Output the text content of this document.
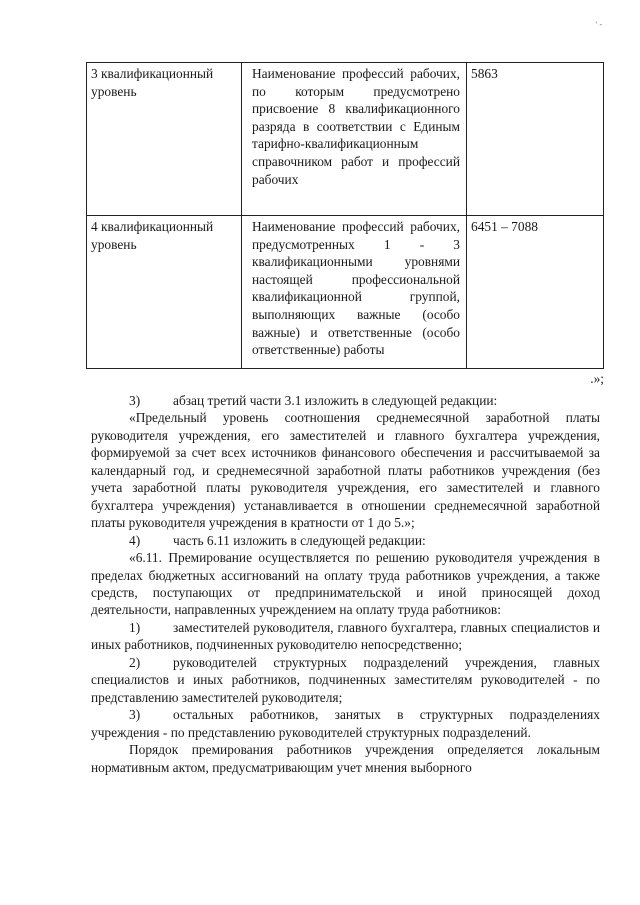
' -
3 квалификационный уровень	Наименование профессий рабочих, по которым предусмотрено присвоение 8 квалификационного разряда в соответствии с Единым тарифно-квалификационным справочником работ и профессий рабочих	5863
4 квалификационный уровень	Наименование профессий рабочих, предусмотренных 1 - 3 квалификационными уровнями настоящей профессиональной квалификационной группой, выполняющих важные (особо важные) и ответственные (особо ответственные) работы	6451 – 7088
.»;

3) абзац третий части 3.1 изложить в следующей редакции:

«Предельный уровень соотношения среднемесячной заработной платы руководителя учреждения, его заместителей и главного бухгалтера учреждения, формируемой за счет всех источников финансового обеспечения и рассчитываемой за календарный год, и среднемесячной заработной платы работников учреждения (без учета заработной платы руководителя учреждения, его заместителей и главного бухгалтера учреждения) устанавливается в отношении среднемесячной заработной платы руководителя учреждения в кратности от 1 до 5.»;

4) часть 6.11 изложить в следующей редакции:

«6.11. Премирование осуществляется по решению руководителя учреждения в пределах бюджетных ассигнований на оплату труда работников учреждения, а также средств, поступающих от предпринимательской и иной приносящей доход деятельности, направленных учреждением на оплату труда работников:

1) заместителей руководителя, главного бухгалтера, главных специалистов и иных работников, подчиненных руководителю непосредственно;

2) руководителей структурных подразделений учреждения, главных специалистов и иных работников, подчиненных заместителям руководителей - по представлению заместителей руководителя;

3) остальных работников, занятых в структурных подразделениях учреждения - по представлению руководителей структурных подразделений.

Порядок премирования работников учреждения определяется локальным нормативным актом, предусматривающим учет мнения выборного
